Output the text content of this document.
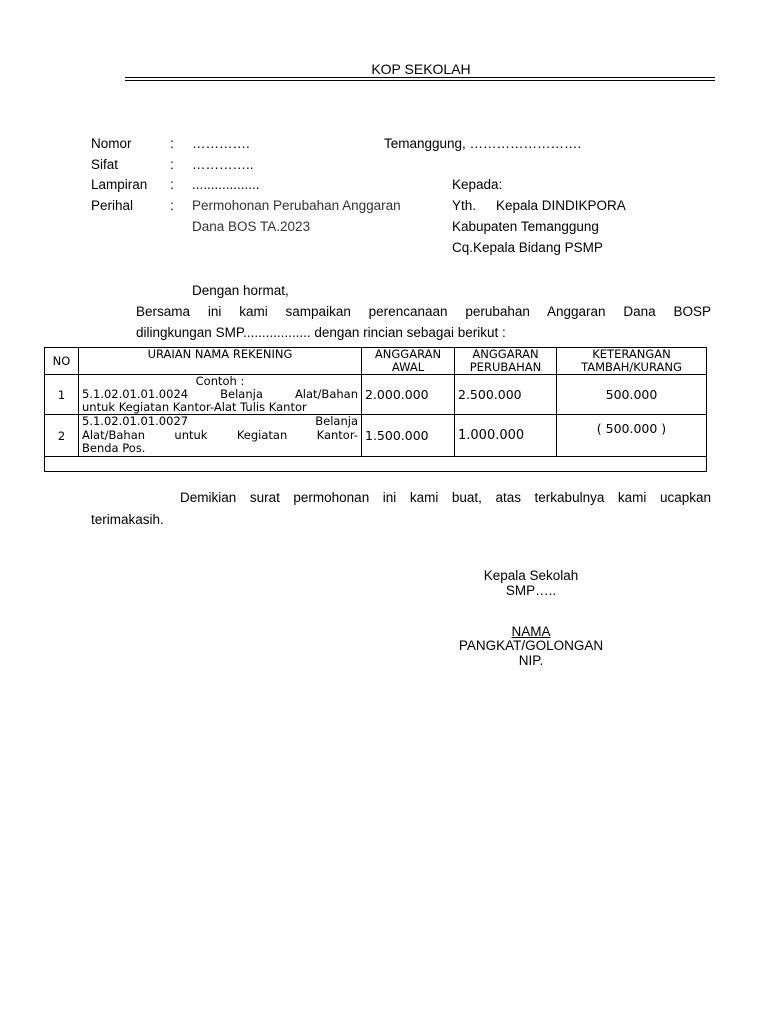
KOP SEKOLAH
Nomor	: ………….	Temanggung, …………………….
Sifat	: …………..
Lampiran : ..................	Kepada:
Perihal	: Permohonan Perubahan Anggaran
Dana BOS TA.2023
Yth. Kepala DINDIKPORA
Kabupaten Temanggung
Cq.Kepala Bidang PSMP
Dengan hormat,
Bersama ini kami sampaikan perencanaan perubahan Anggaran Dana BOSP
dilingkungan SMP.................. dengan rincian sebagai berikut :
NO	URAIAN NAMA REKENING	ANGGARAN AWAL	ANGGARAN PERUBAHAN	KETERANGAN TAMBAH/KURANG
1	Contoh :
5.1.02.01.01.0024 Belanja Alat/Bahan
untuk Kegiatan Kantor-Alat Tulis Kantor	2.000.000	2.500.000	500.000
2	5.1.02.01.01.0027 Belanja
Alat/Bahan untuk Kegiatan Kantor-
Benda Pos.	1.500.000	1.000.000	( 500.000 )

Demikian surat permohonan ini kami buat, atas terkabulnya kami ucapkan
terimakasih.
Kepala Sekolah
SMP…..
NAMA
PANGKAT/GOLONGAN
NIP.
